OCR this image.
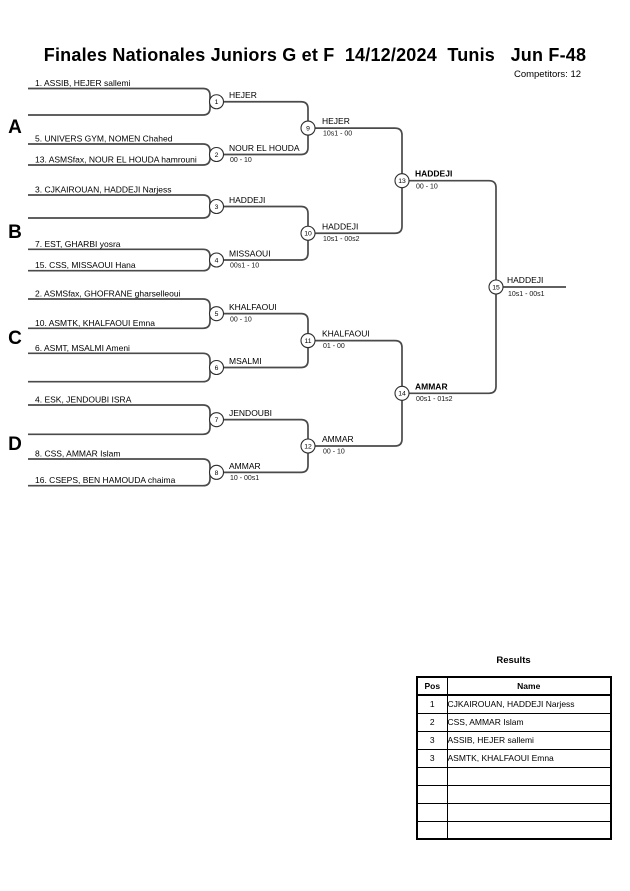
Finales Nationales Juniors G et F  14/12/2024  Tunis   Jun F-48
Competitors: 12
A
B
C
D
1. ASSIB, HEJER sallemi
5. UNIVERS GYM, NOMEN Chahed
13. ASMSfax, NOUR EL HOUDA hamrouni
3. CJKAIROUAN, HADDEJI Narjess
7. EST, GHARBI yosra
15. CSS, MISSAOUI Hana
2. ASMSfax, GHOFRANE gharselleoui
10. ASMTK, KHALFAOUI Emna
6. ASMT, MSALMI Ameni
4. ESK, JENDOUBI ISRA
8. CSS, AMMAR Islam
16. CSEPS, BEN HAMOUDA chaima
HEJER
NOUR EL HOUDA
00 - 10
HADDEJI
MISSAOUI
00s1 - 10
KHALFAOUI
00 - 10
MSALMI
JENDOUBI
AMMAR
10 - 00s1
HEJER
10s1 - 00
HADDEJI
10s1 - 00s2
KHALFAOUI
01 - 00
AMMAR
00 - 10
HADDEJI
00 - 10
AMMAR
00s1 - 01s2
HADDEJI
10s1 - 00s1
1
2
3
4
5
6
7
8
9
10
11
12
13
14
15
Results
Pos	Name
1	CJKAIROUAN, HADDEJI Narjess
2	CSS, AMMAR Islam
3	ASSIB, HEJER sallemi
3	ASMTK, KHALFAOUI Emna
